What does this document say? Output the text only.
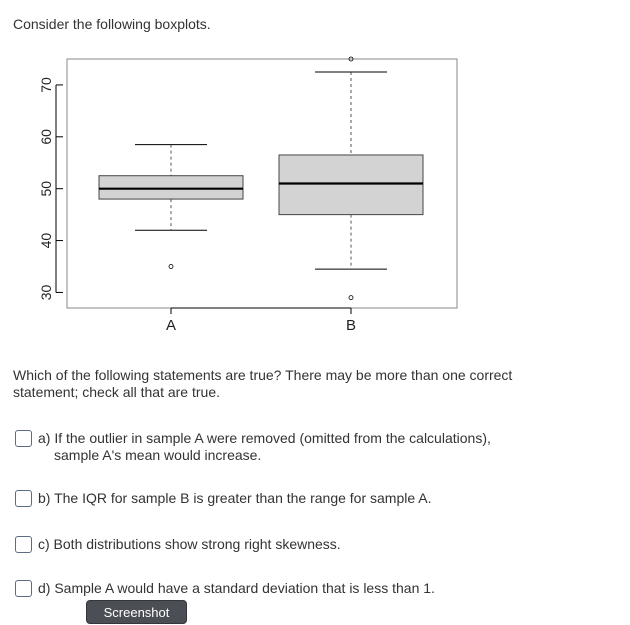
Consider the following boxplots.

30
40
50
60
70
A	B

Which of the following statements are true? There may be more than one correct statement; check all that are true.

a) If the outlier in sample A were removed (omitted from the calculations),
sample A's mean would increase.
b) The IQR for sample B is greater than the range for sample A.
c) Both distributions show strong right skewness.
d) Sample A would have a standard deviation that is less than 1.
Screenshot
